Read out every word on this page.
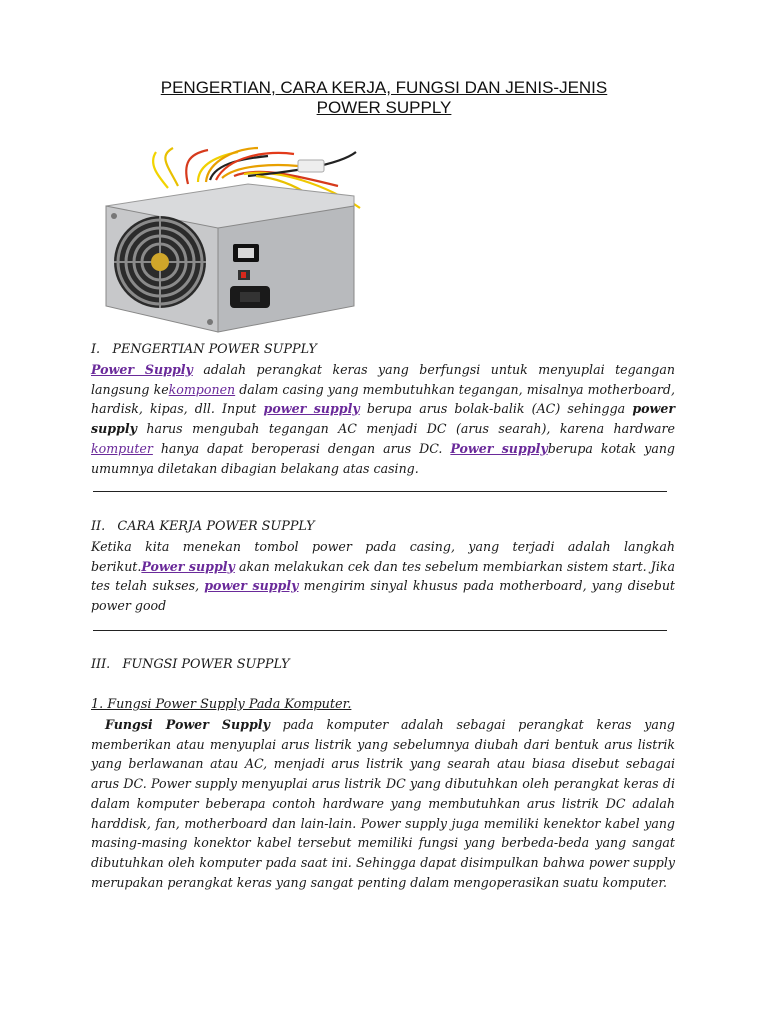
PENGERTIAN, CARA KERJA, FUNGSI DAN JENIS-JENIS
POWER SUPPLY
I. PENGERTIAN POWER SUPPLY

Power Supply adalah perangkat keras yang berfungsi untuk menyuplai tegangan langsung kekomponen dalam casing yang membutuhkan tegangan, misalnya motherboard, hardisk, kipas, dll. Input power supply berupa arus bolak-balik (AC) sehingga power supply harus mengubah tegangan AC menjadi DC (arus searah), karena hardware komputer hanya dapat beroperasi dengan arus DC. Power supplyberupa kotak yang umumnya diletakan dibagian belakang atas casing.

II. CARA KERJA POWER SUPPLY

Ketika kita menekan tombol power pada casing, yang terjadi adalah langkah berikut.Power supply akan melakukan cek dan tes sebelum membiarkan sistem start. Jika tes telah sukses, power supply mengirim sinyal khusus pada motherboard, yang disebut power good

III. FUNGSI POWER SUPPLY
1. Fungsi Power Supply Pada Komputer.

Fungsi Power Supply pada komputer adalah sebagai perangkat keras yang memberikan atau menyuplai arus listrik yang sebelumnya diubah dari bentuk arus listrik yang berlawanan atau AC, menjadi arus listrik yang searah atau biasa disebut sebagai arus DC. Power supply menyuplai arus listrik DC yang dibutuhkan oleh perangkat keras di dalam komputer beberapa contoh hardware yang membutuhkan arus listrik DC adalah harddisk, fan, motherboard dan lain-lain. Power supply juga memiliki kenektor kabel yang masing-masing konektor kabel tersebut memiliki fungsi yang berbeda-beda yang sangat dibutuhkan oleh komputer pada saat ini. Sehingga dapat disimpulkan bahwa power supply merupakan perangkat keras yang sangat penting dalam mengoperasikan suatu komputer.
